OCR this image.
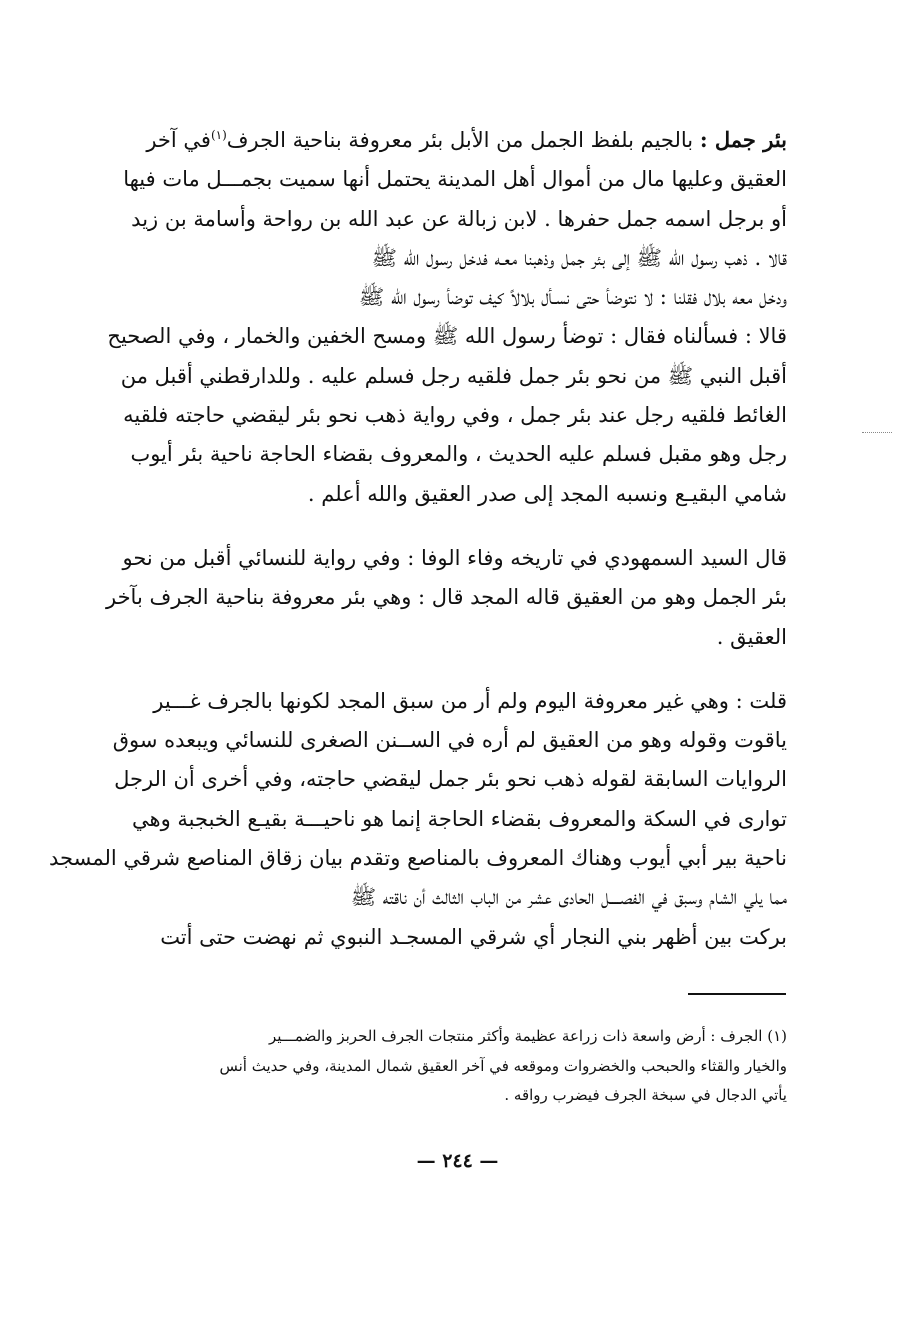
بئر جمل : بالجيم بلفظ الجمل من الأبل بئر معروفة بناحية الجرف$^{(١)}$في آخر
العقيق وعليها مال من أموال أهل المدينة يحتمل أنها سميت بجمـــل مات فيها
أو برجل اسمه جمل حفرها . لابن زبالة عن عبد الله بن رواحة وأسامة بن زيد
قالا . ذهب رسول الله ﷺ إلى بئر جمل وذهبنا معـه فدخل رسول الله ﷺ
ودخل معه بلال فقلنا : لا نتوضأ حتى نسـأل بلالاً كيف توضأ رسول الله ﷺ
قالا : فسألناه فقال : توضأ رسول الله ﷺ ومسح الخفين والخمار ، وفي الصحيح
أقبل النبي ﷺ من نحو بئر جمل فلقيه رجل فسلم عليه . وللدارقطني أقبل من
الغائط فلقيه رجل عند بئر جمل ، وفي رواية ذهب نحو بئر ليقضي حاجته فلقيه
رجل وهو مقبل فسلم عليه الحديث ، والمعروف بقضاء الحاجة ناحية بئر أيوب
شامي البقيـع ونسبه المجد إلى صدر العقيق والله أعلم .

قال السيد السمهودي في تاريخه وفاء الوفا : وفي رواية للنسائي أقبل من نحو
بئر الجمل وهو من العقيق قاله المجد قال : وهي بئر معروفة بناحية الجرف بآخر
العقيق .

قلت : وهي غير معروفة اليوم ولم أر من سبق المجد لكونها بالجرف غـــير
ياقوت وقوله وهو من العقيق لم أره في الســنن الصغرى للنسائي ويبعده سوق
الروايات السابقة لقوله ذهب نحو بئر جمل ليقضي حاجته، وفي أخرى أن الرجل
توارى في السكة والمعروف بقضاء الحاجة إنما هو ناحيـــة بقيـع الخبجبة وهي
ناحية بير أبي أيوب وهناك المعروف بالمناصع وتقدم بيان زقاق المناصع شرقي المسجد
مما يلي الشام وسبق في الفصــــل الحادى عشر من الباب الثالث أن ناقته ﷺ
بركت بين أظهر بني النجار أي شرقي المسجـد النبوي ثم نهضت حتى أتت

(١) الجرف : أرض واسعة ذات زراعة عظيمة وأكثر منتجات الجرف الحربز والضمـــير
والخيار والقثاء والحبحب والخضروات وموقعه في آخر العقيق شمال المدينة، وفي حديث أنس
يأتي الدجال في سبخة الجرف فيضرب رواقه .
— ٢٤٤ —
